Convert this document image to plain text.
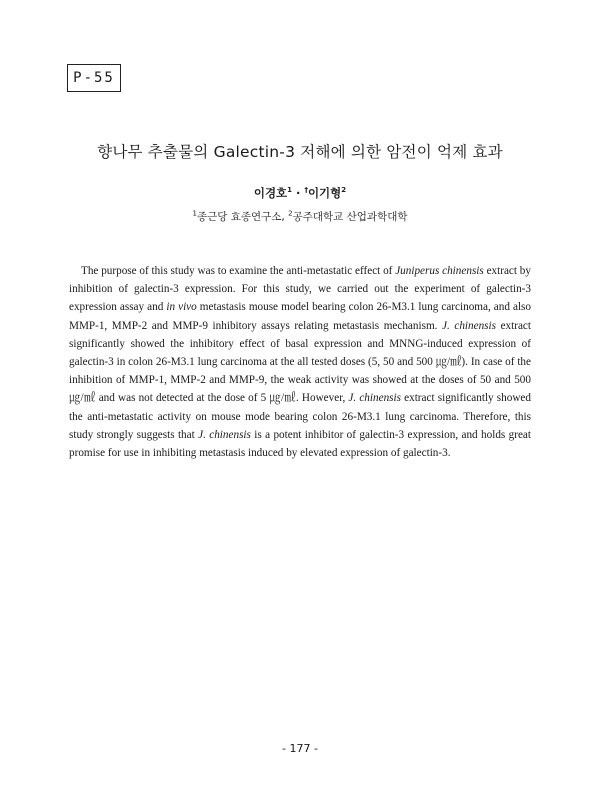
P-55
향나무 추출물의 Galectin-3 저해에 의한 암전이 억제 효과
이경호$^1$ · †이기형$^2$
$^1$종근당 효종연구소, $^2$공주대학교 산업과학대학
The purpose of this study was to examine the anti-metastatic effect of Juniperus chinensis extract by inhibition of galectin-3 expression. For this study, we carried out the experiment of galectin-3 expression assay and in vivo metastasis mouse model bearing colon 26-M3.1 lung carcinoma, and also MMP-1, MMP-2 and MMP-9 inhibitory assays relating metastasis mechanism. J. chinensis extract significantly showed the inhibitory effect of basal expression and MNNG-induced expression of galectin-3 in colon 26-M3.1 lung carcinoma at the all tested doses (5, 50 and 500 ㎍/㎖). In case of the inhibition of MMP-1, MMP-2 and MMP-9, the weak activity was showed at the doses of 50 and 500 ㎍/㎖ and was not detected at the dose of 5 ㎍/㎖. However, J. chinensis extract significantly showed the anti-metastatic activity on mouse mode bearing colon 26-M3.1 lung carcinoma. Therefore, this study strongly suggests that J. chinensis is a potent inhibitor of galectin-3 expression, and holds great promise for use in inhibiting metastasis induced by elevated expression of galectin-3.
- 177 -
